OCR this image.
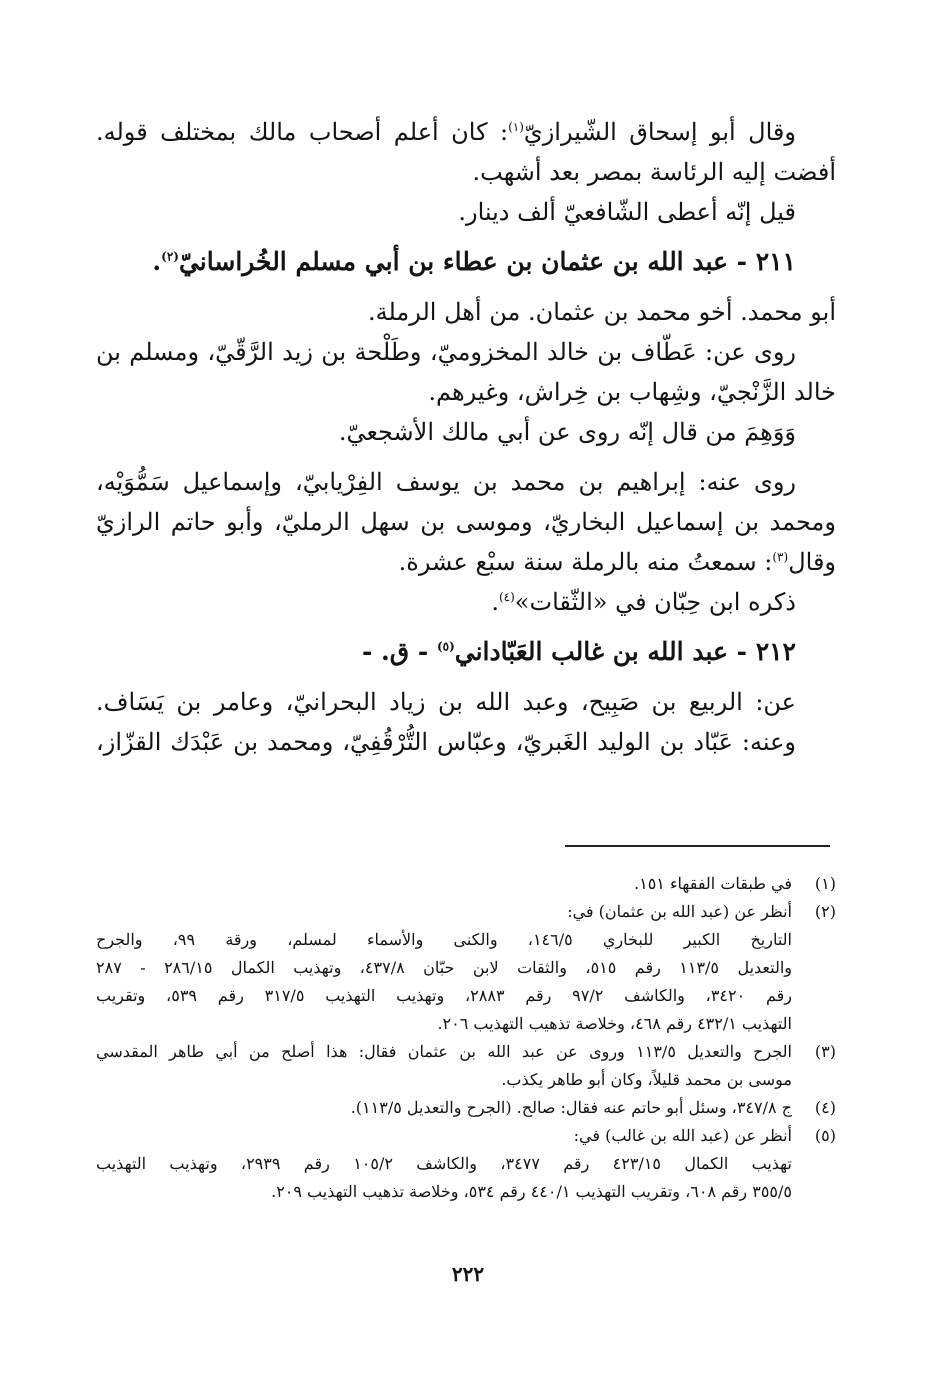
وقال أبو إسحاق الشّيرازيّ$^{(١)}$: كان أعلم أصحاب مالك بمختلف قوله.
أفضت إليه الرئاسة بمصر بعد أشهب.
قيل إنّه أعطى الشّافعيّ ألف دينار.
٢١١ - عبد الله بن عثمان بن عطاء بن أبي مسلم الخُراسانيّ$^{(٢)}$.
أبو محمد. أخو محمد بن عثمان. من أهل الرملة.
روى عن: عَطّاف بن خالد المخزوميّ، وطَلْحة بن زيد الرَّقّيّ، ومسلم بن
خالد الزَّنْجيّ، وشِهاب بن خِراش، وغيرهم.
وَوَهِمَ من قال إنّه روى عن أبي مالك الأشجعيّ.
روى عنه: إبراهيم بن محمد بن يوسف الفِرْيابيّ، وإسماعيل سَمُّوَيْه،
ومحمد بن إسماعيل البخاريّ، وموسى بن سهل الرمليّ، وأبو حاتم الرازيّ
وقال$^{(٣)}$: سمعتُ منه بالرملة سنة سبْع عشرة.
ذكره ابن حِبّان في «الثّقات»$^{(٤)}$.
٢١٢ - عبد الله بن غالب العَبّاداني$^{(٥)}$ - ق. -
عن: الربيع بن صَبِيح، وعبد الله بن زياد البحرانيّ، وعامر بن يَسَاف.
وعنه: عَبّاد بن الوليد الغَبريّ، وعبّاس التُّرْقُفِيّ، ومحمد بن عَبْدَك القزّاز،
(١)
في طبقات الفقهاء ١٥١.
(٢)
أنظر عن (عبد الله بن عثمان) في:
التاريخ الكبير للبخاري ١٤٦/٥، والكنى والأسماء لمسلم، ورقة ٩٩، والجرح
والتعديل ١١٣/٥ رقم ٥١٥، والثقات لابن حبّان ٤٣٧/٨، وتهذيب الكمال ٢٨٦/١٥ - ٢٨٧
رقم ٣٤٢٠، والكاشف ٩٧/٢ رقم ٢٨٨٣، وتهذيب التهذيب ٣١٧/٥ رقم ٥٣٩، وتقريب
التهذيب ٤٣٢/١ رقم ٤٦٨، وخلاصة تذهيب التهذيب ٢٠٦.
(٣)
الجرح والتعديل ١١٣/٥ وروى عن عبد الله بن عثمان فقال: هذا أصلح من أبي طاهر المقدسي
موسى بن محمد قليلاً، وكان أبو طاهر يكذب.
(٤)
ج ٣٤٧/٨، وسئل أبو حاتم عنه فقال: صالح. (الجرح والتعديل ١١٣/٥).
(٥)
أنظر عن (عبد الله بن غالب) في:
تهذيب الكمال ٤٢٣/١٥ رقم ٣٤٧٧، والكاشف ١٠٥/٢ رقم ٢٩٣٩، وتهذيب التهذيب
٣٥٥/٥ رقم ٦٠٨، وتقريب التهذيب ٤٤٠/١ رقم ٥٣٤، وخلاصة تذهيب التهذيب ٢٠٩.
٢٢٢
